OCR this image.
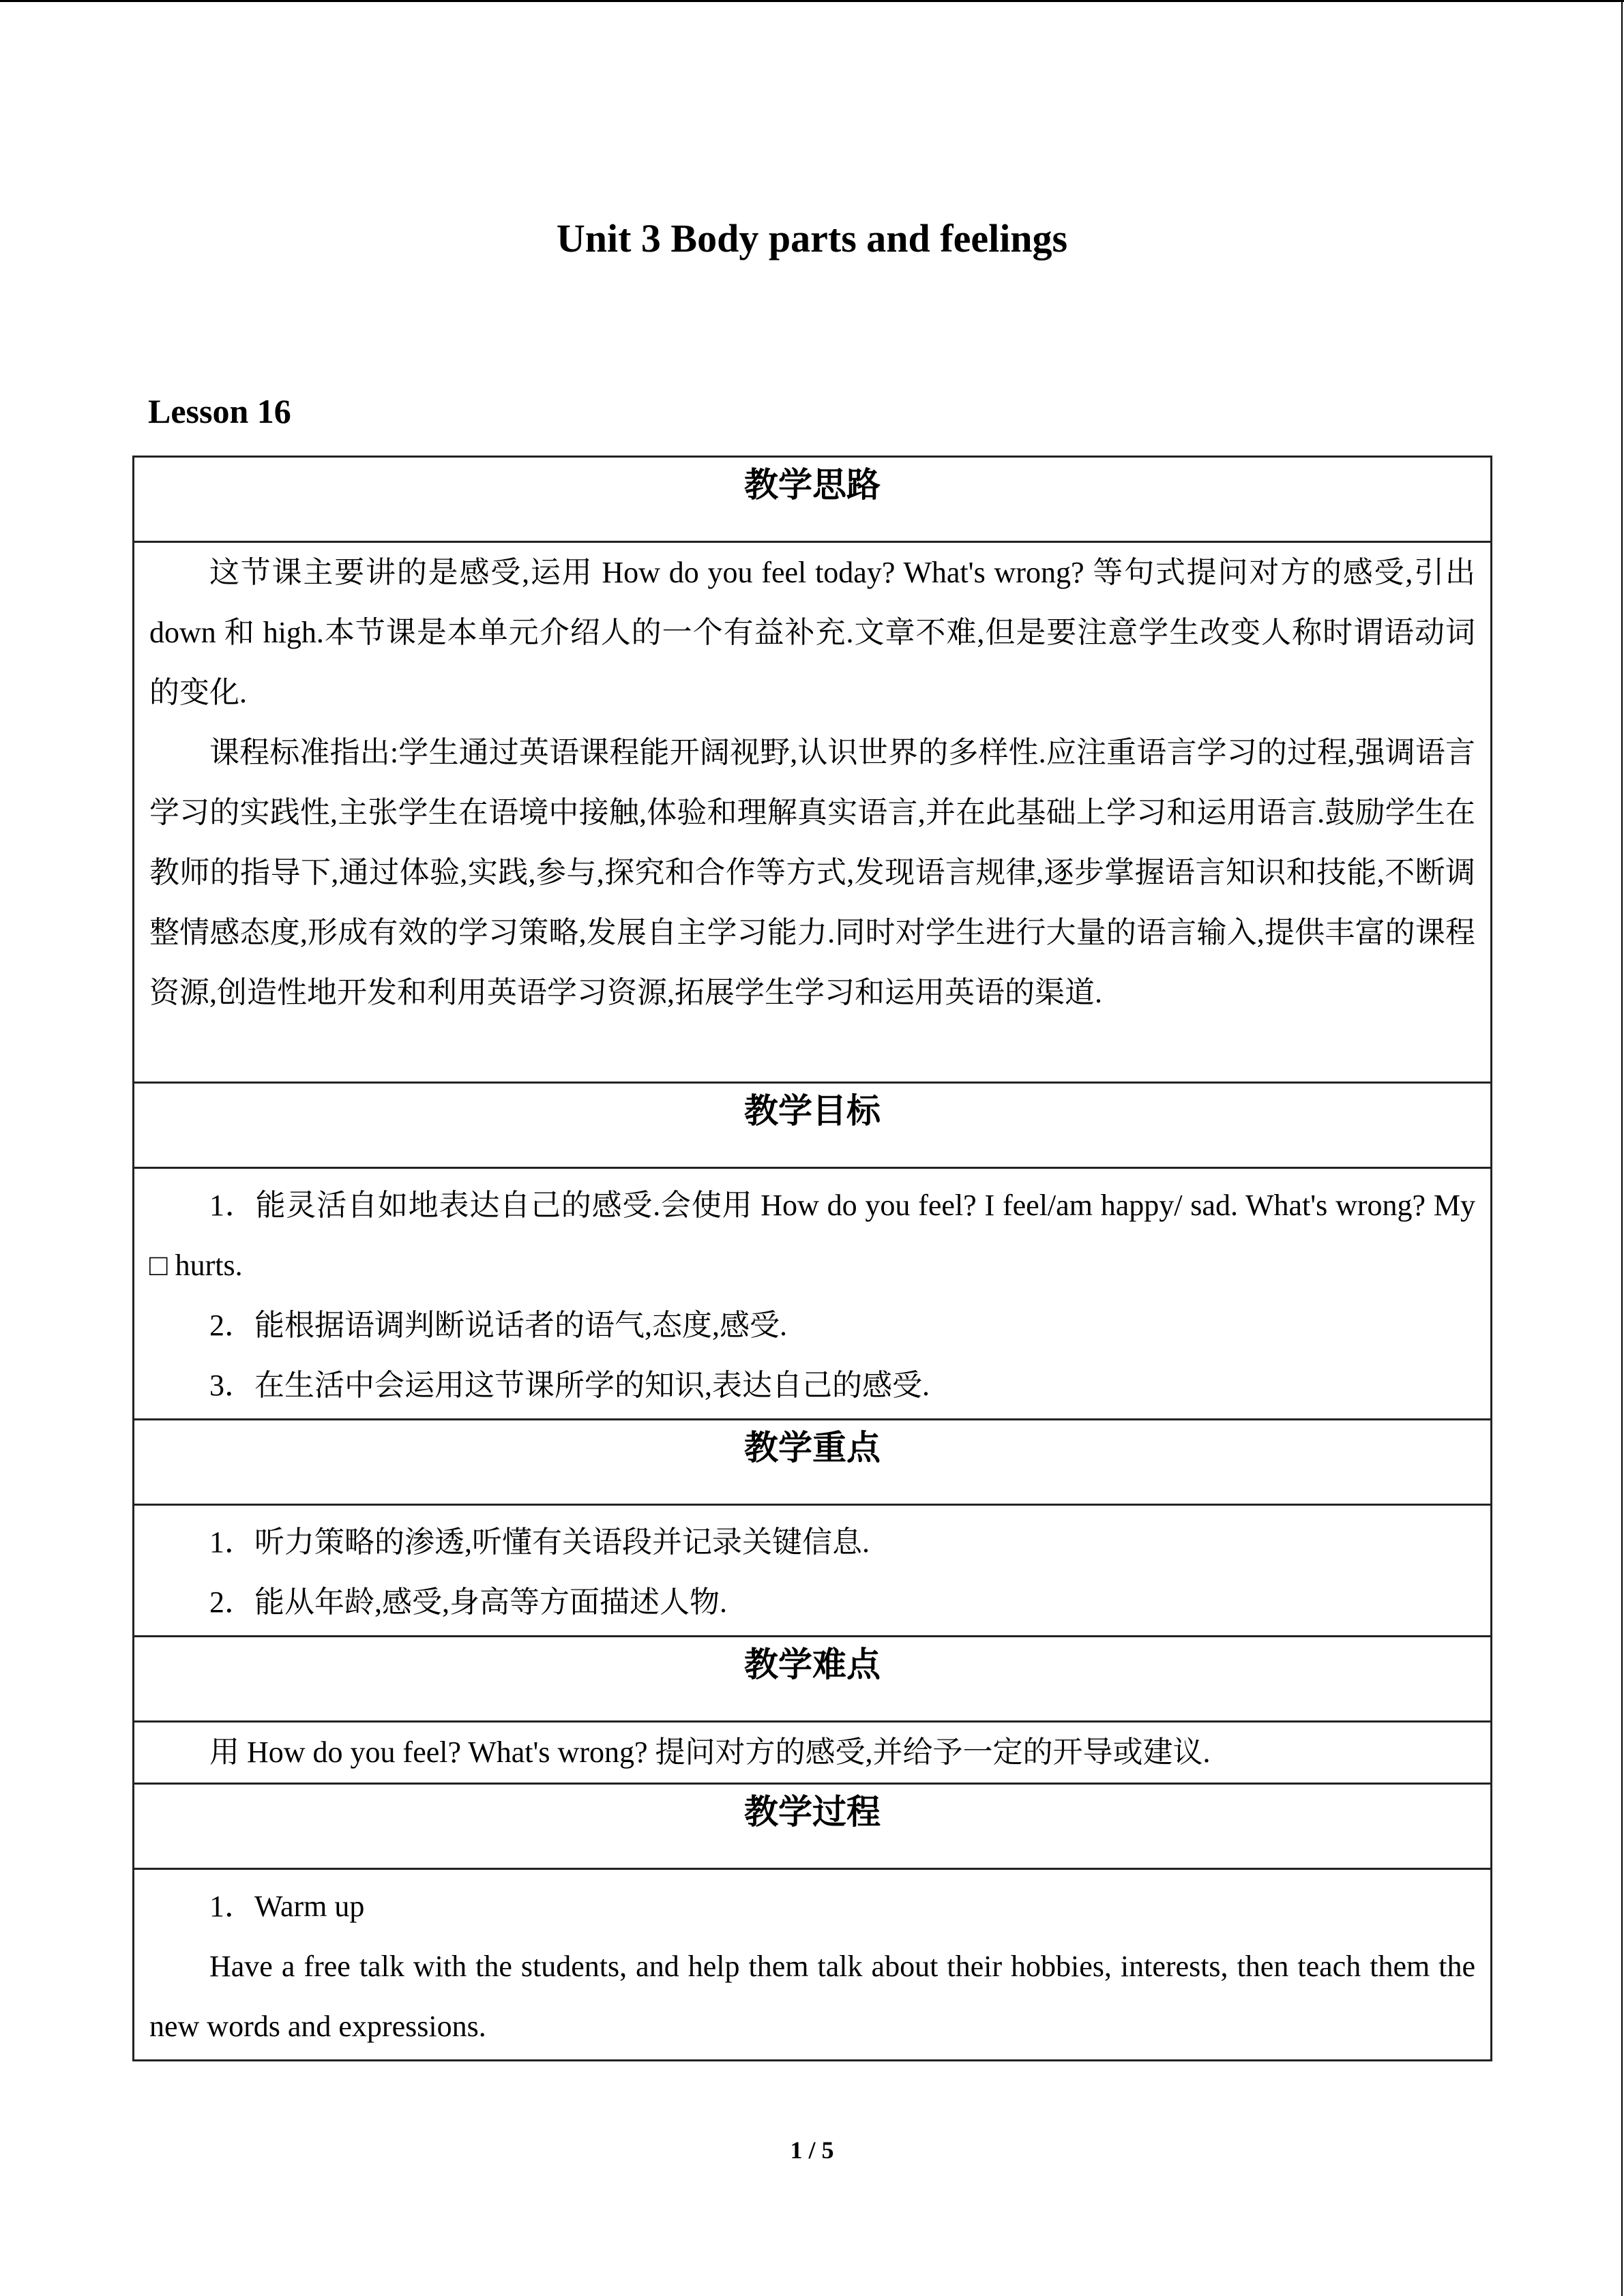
Unit 3 Body parts and feelings
Lesson 16
教学思路

这节课主要讲的是感受,运用 How do you feel today? What's wrong? 等句式提问对方的感受,引出 down 和 high.本节课是本单元介绍人的一个有益补充.文章不难,但是要注意学生改变人称时谓语动词的变化.

课程标准指出:学生通过英语课程能开阔视野,认识世界的多样性.应注重语言学习的过程,强调语言学习的实践性,主张学生在语境中接触,体验和理解真实语言,并在此基础上学习和运用语言.鼓励学生在教师的指导下,通过体验,实践,参与,探究和合作等方式,发现语言规律,逐步掌握语言知识和技能,不断调整情感态度,形成有效的学习策略,发展自主学习能力.同时对学生进行大量的语言输入,提供丰富的课程资源,创造性地开发和利用英语学习资源,拓展学生学习和运用英语的渠道.

教学目标

1．能灵活自如地表达自己的感受.会使用 How do you feel? I feel/am happy/ sad. What's wrong? My □ hurts.

2．能根据语调判断说话者的语气,态度,感受.

3．在生活中会运用这节课所学的知识,表达自己的感受.

教学重点

1．听力策略的渗透,听懂有关语段并记录关键信息.

2．能从年龄,感受,身高等方面描述人物.

教学难点

用 How do you feel? What's wrong? 提问对方的感受,并给予一定的开导或建议.

教学过程

1．Warm up

Have a free talk with the students, and help them talk about their hobbies, interests, then teach them the new words and expressions.

1 / 5
